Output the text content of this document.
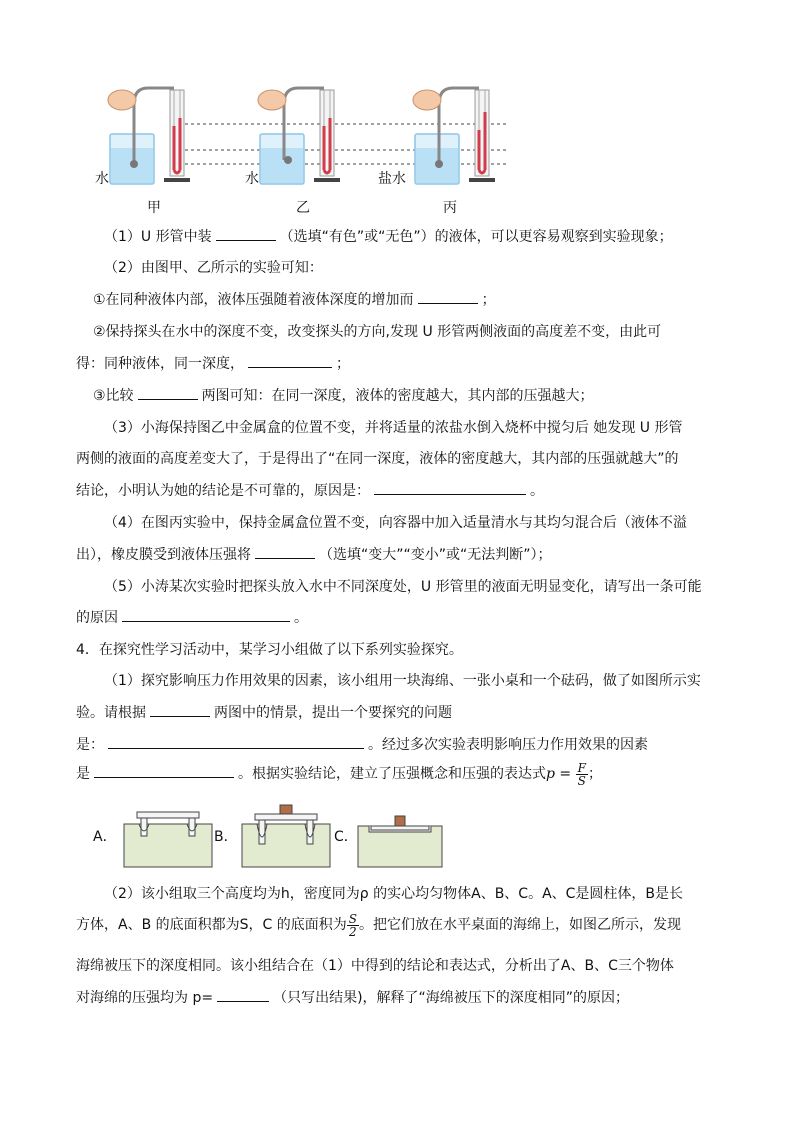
水	水	盐水
甲	乙	丙
（1）U 形管中装	（选填“有色”或“无色”）的液体，可以更容易观察到实验现象；
（2）由图甲、乙所示的实验可知：
①在同种液体内部，液体压强随着液体深度的增加而	；
②保持探头在水中的深度不变，改变探头的方向,发现 U 形管两侧液面的高度差不变，由此可
得：同种液体，同一深度，	；
③比较	两图可知：在同一深度，液体的密度越大，其内部的压强越大；
（3）小海保持图乙中金属盒的位置不变，并将适量的浓盐水倒入烧杯中搅匀后 她发现 U 形管
两侧的液面的高度差变大了，于是得出了“在同一深度，液体的密度越大，其内部的压强就越大”的
结论，小明认为她的结论是不可靠的，原因是：	。
（4）在图丙实验中，保持金属盒位置不变，向容器中加入适量清水与其均匀混合后（液体不溢
出），橡皮膜受到液体压强将	（选填“变大”“变小”或“无法判断”）；
（5）小涛某次实验时把探头放入水中不同深度处，U 形管里的液面无明显变化，请写出一条可能
的原因	。
4．在探究性学习活动中，某学习小组做了以下系列实验探究。
（1）探究影响压力作用效果的因素，该小组用一块海绵、一张小桌和一个砝码，做了如图所示实
验。请根据	两图中的情景，提出一个要探究的问题
是：	。经过多次实验表明影响压力作用效果的因素
是	。根据实验结论，建立了压强概念和压强的表达式$p = \frac{F}{S}$ ；
A．	B．	C．
（2）该小组取三个高度均为h，密度同为ρ 的实心均匀物体A、B、C。A、C是圆柱体，B是长
方体，A、B 的底面积都为S，C 的底面积为 $\frac{S}{2}$ 。把它们放在水平桌面的海绵上，如图乙所示，发现
海绵被压下的深度相同。该小组结合在（1）中得到的结论和表达式，分析出了A、B、C三个物体
对海绵的压强均为 p=	（只写出结果)，解释了“海绵被压下的深度相同”的原因；
